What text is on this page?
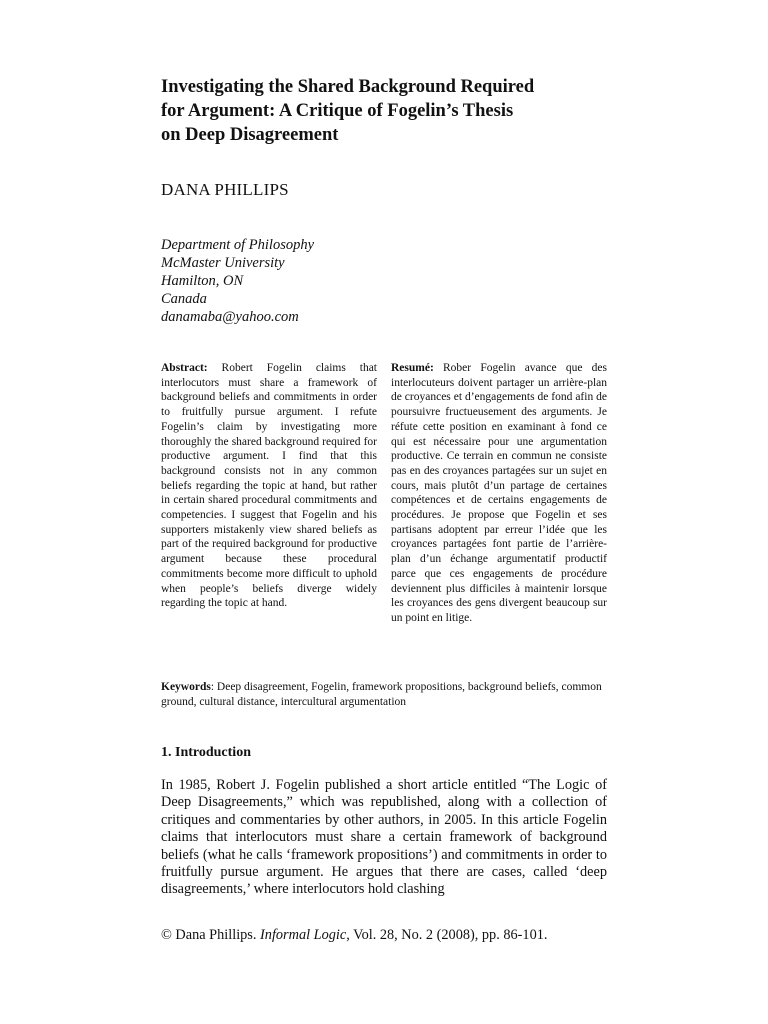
Investigating the Shared Background Required
for Argument: A Critique of Fogelin’s Thesis
on Deep Disagreement
DANA PHILLIPS
Department of Philosophy
McMaster University
Hamilton, ON
Canada
danamaba@yahoo.com
Abstract: Robert Fogelin claims that interlocutors must share a framework of background beliefs and commitments in order to fruitfully pursue argument. I refute Fogelin’s claim by investigating more thoroughly the shared background required for productive argument. I find that this background consists not in any common beliefs regarding the topic at hand, but rather in certain shared procedural commitments and competencies. I suggest that Fogelin and his supporters mistakenly view shared beliefs as part of the required background for productive argument because these procedural commitments become more difficult to uphold when people’s beliefs diverge widely regarding the topic at hand.
Resumé: Rober Fogelin avance que des interlocuteurs doivent partager un arrière-plan de croyances et d’engagements de fond afin de poursuivre fructueusement des arguments. Je réfute cette position en examinant à fond ce qui est nécessaire pour une argumentation productive. Ce terrain en commun ne consiste pas en des croyances partagées sur un sujet en cours, mais plutôt d’un partage de certaines compétences et de certains engagements de procédures. Je propose que Fogelin et ses partisans adoptent par erreur l’idée que les croyances partagées font partie de l’arrière-plan d’un échange argumentatif productif parce que ces engagements de procédure deviennent plus difficiles à maintenir lorsque les croyances des gens divergent beaucoup sur un point en litige.
Keywords: Deep disagreement, Fogelin, framework propositions, background beliefs, common ground, cultural distance, intercultural argumentation
1. Introduction

In 1985, Robert J. Fogelin published a short article entitled “The Logic of Deep Disagreements,” which was republished, along with a collection of critiques and commentaries by other authors, in 2005. In this article Fogelin claims that interlocutors must share a certain framework of background beliefs (what he calls ‘framework propositions’) and commitments in order to fruitfully pursue argument. He argues that there are cases, called ‘deep disagreements,’ where interlocutors hold clashing

© Dana Phillips. Informal Logic, Vol. 28, No. 2 (2008), pp. 86-101.
